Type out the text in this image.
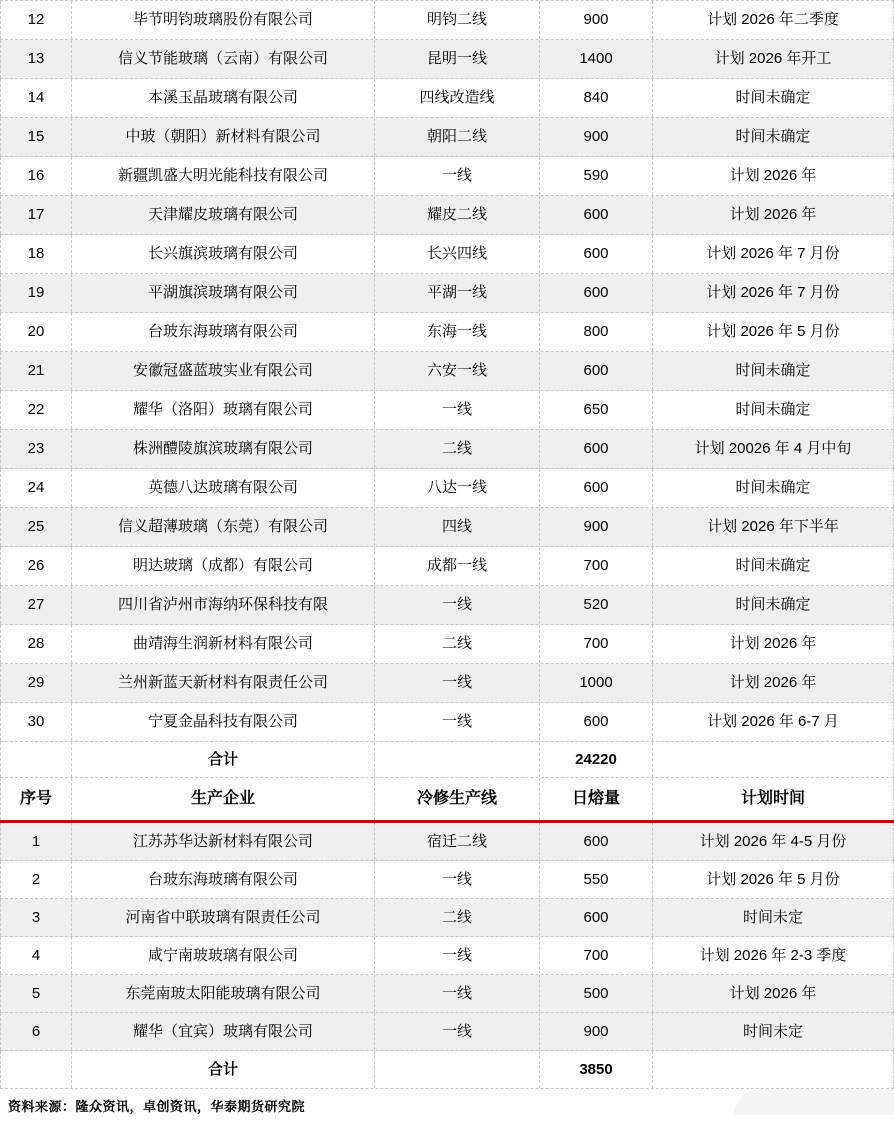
12	毕节明钧玻璃股份有限公司	明钧二线	900	计划 2026 年二季度
13	信义节能玻璃（云南）有限公司	昆明一线	1400	计划 2026 年开工
14	本溪玉晶玻璃有限公司	四线改造线	840	时间未确定
15	中玻（朝阳）新材料有限公司	朝阳二线	900	时间未确定
16	新疆凯盛大明光能科技有限公司	一线	590	计划 2026 年
17	天津耀皮玻璃有限公司	耀皮二线	600	计划 2026 年
18	长兴旗滨玻璃有限公司	长兴四线	600	计划 2026 年 7 月份
19	平湖旗滨玻璃有限公司	平湖一线	600	计划 2026 年 7 月份
20	台玻东海玻璃有限公司	东海一线	800	计划 2026 年 5 月份
21	安徽冠盛蓝玻实业有限公司	六安一线	600	时间未确定
22	耀华（洛阳）玻璃有限公司	一线	650	时间未确定
23	株洲醴陵旗滨玻璃有限公司	二线	600	计划 20026 年 4 月中旬
24	英德八达玻璃有限公司	八达一线	600	时间未确定
25	信义超薄玻璃（东莞）有限公司	四线	900	计划 2026 年下半年
26	明达玻璃（成都）有限公司	成都一线	700	时间未确定
27	四川省泸州市海纳环保科技有限	一线	520	时间未确定
28	曲靖海生润新材料有限公司	二线	700	计划 2026 年
29	兰州新蓝天新材料有限责任公司	一线	1000	计划 2026 年
30	宁夏金晶科技有限公司	一线	600	计划 2026 年 6-7 月
合计	24220
序号	生产企业	冷修生产线	日熔量	计划时间
1	江苏苏华达新材料有限公司	宿迁二线	600	计划 2026 年 4-5 月份
2	台玻东海玻璃有限公司	一线	550	计划 2026 年 5 月份
3	河南省中联玻璃有限责任公司	二线	600	时间未定
4	咸宁南玻玻璃有限公司	一线	700	计划 2026 年 2-3 季度
5	东莞南玻太阳能玻璃有限公司	一线	500	计划 2026 年
6	耀华（宜宾）玻璃有限公司	一线	900	时间未定
合计	3850
资料来源：隆众资讯，卓创资讯，华泰期货研究院
